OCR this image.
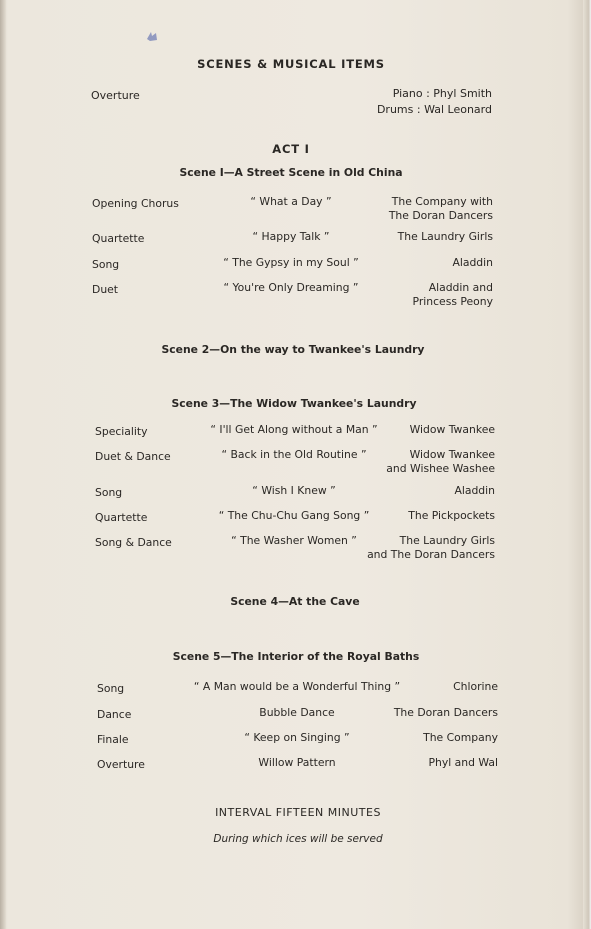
SCENES & MUSICAL ITEMS
Overture	Piano : Phyl Smith
Drums : Wal Leonard
ACT I
Scene I—A Street Scene in Old China
Opening Chorus	“ What a Day ”	The Company with
The Doran Dancers
Quartette	“ Happy Talk ”	The Laundry Girls
Song	“ The Gypsy in my Soul ”	Aladdin
Duet	“ You're Only Dreaming ”	Aladdin and
Princess Peony
Scene 2—On the way to Twankee's Laundry
Scene 3—The Widow Twankee's Laundry
Speciality	“ I'll Get Along without a Man ”	Widow Twankee
Duet & Dance	“ Back in the Old Routine ”	Widow Twankee
and Wishee Washee
Song	“ Wish I Knew ”	Aladdin
Quartette	“ The Chu-Chu Gang Song ”	The Pickpockets
Song & Dance	“ The Washer Women ”	The Laundry Girls
and The Doran Dancers
Scene 4—At the Cave
Scene 5—The Interior of the Royal Baths
Song	“ A Man would be a Wonderful Thing ”	Chlorine
Dance	Bubble Dance	The Doran Dancers
Finale	“ Keep on Singing ”	The Company
Overture	Willow Pattern	Phyl and Wal
INTERVAL FIFTEEN MINUTES
During which ices will be served
